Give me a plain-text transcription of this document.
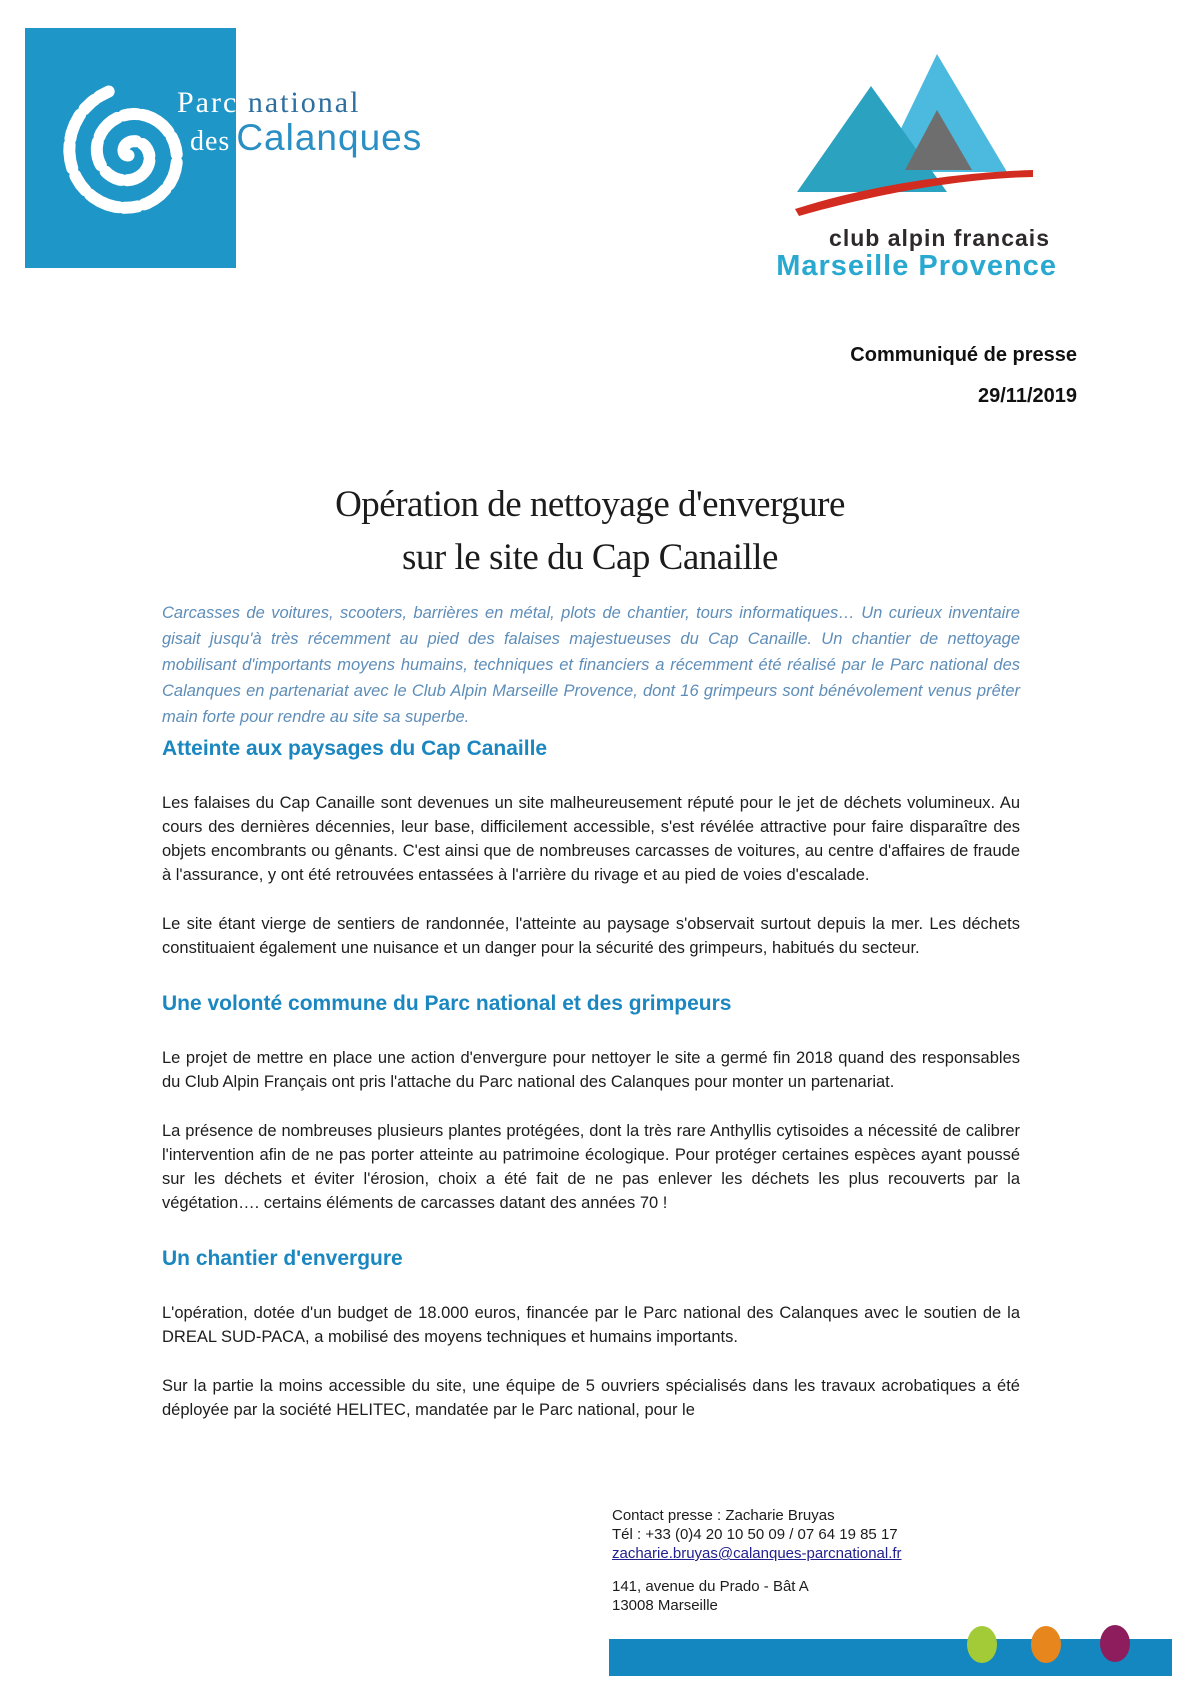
Parc national
des Calanques
club alpin francais
Marseille Provence
Communiqué de presse
29/11/2019
Opération de nettoyage d'envergure
sur le site du Cap Canaille

Carcasses de voitures, scooters, barrières en métal, plots de chantier, tours informatiques… Un curieux inventaire gisait jusqu'à très récemment au pied des falaises majestueuses du Cap Canaille. Un chantier de nettoyage mobilisant d'importants moyens humains, techniques et financiers a récemment été réalisé par le Parc national des Calanques en partenariat avec le Club Alpin Marseille Provence, dont 16 grimpeurs sont bénévolement venus prêter main forte pour rendre au site sa superbe.

Atteinte aux paysages du Cap Canaille

Les falaises du Cap Canaille sont devenues un site malheureusement réputé pour le jet de déchets volumineux. Au cours des dernières décennies, leur base, difficilement accessible, s'est révélée attractive pour faire disparaître des objets encombrants ou gênants. C'est ainsi que de nombreuses carcasses de voitures, au centre d'affaires de fraude à l'assurance, y ont été retrouvées entassées à l'arrière du rivage et au pied de voies d'escalade.

Le site étant vierge de sentiers de randonnée, l'atteinte au paysage s'observait surtout depuis la mer. Les déchets constituaient également une nuisance et un danger pour la sécurité des grimpeurs, habitués du secteur.

Une volonté commune du Parc national et des grimpeurs

Le projet de mettre en place une action d'envergure pour nettoyer le site a germé fin 2018 quand des responsables du Club Alpin Français ont pris l'attache du Parc national des Calanques pour monter un partenariat.

La présence de nombreuses plusieurs plantes protégées, dont la très rare Anthyllis cytisoides a nécessité de calibrer l'intervention afin de ne pas porter atteinte au patrimoine écologique. Pour protéger certaines espèces ayant poussé sur les déchets et éviter l'érosion, choix a été fait de ne pas enlever les déchets les plus recouverts par la végétation…. certains éléments de carcasses datant des années 70 !

Un chantier d'envergure

L'opération, dotée d'un budget de 18.000 euros, financée par le Parc national des Calanques avec le soutien de la DREAL SUD-PACA, a mobilisé des moyens techniques et humains importants.

Sur la partie la moins accessible du site, une équipe de 5 ouvriers spécialisés dans les travaux acrobatiques a été déployée par la société HELITEC, mandatée par le Parc national, pour le

Contact presse : Zacharie Bruyas
Tél : +33 (0)4 20 10 50 09 / 07 64 19 85 17
zacharie.bruyas@calanques-parcnational.fr
141, avenue du Prado - Bât A
13008 Marseille
